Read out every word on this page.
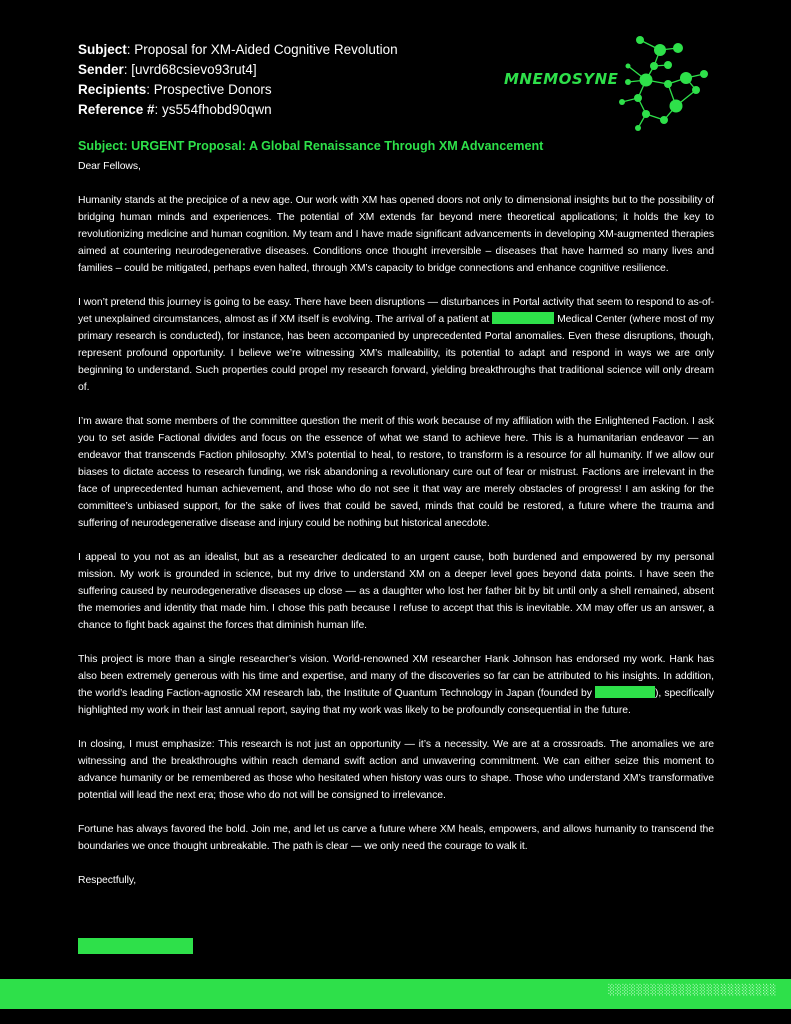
Subject: Proposal for XM-Aided Cognitive Revolution
Sender: [uvrd68csievo93rut4]
Recipients: Prospective Donors
Reference #: ys554fhobd90qwn
MNEMOSYNE

Subject: URGENT Proposal: A Global Renaissance Through XM Advancement

Dear Fellows,

Humanity stands at the precipice of a new age. Our work with XM has opened doors not only to dimensional insights but to the possibility of bridging human minds and experiences. The potential of XM extends far beyond mere theoretical applications; it holds the key to revolutionizing medicine and human cognition. My team and I have made significant advancements in developing XM-augmented therapies aimed at countering neurodegenerative diseases. Conditions once thought irreversible – diseases that have harmed so many lives and families – could be mitigated, perhaps even halted, through XM’s capacity to bridge connections and enhance cognitive resilience.

I won’t pretend this journey is going to be easy. There have been disruptions — disturbances in Portal activity that seem to respond to as-of-yet unexplained circumstances, almost as if XM itself is evolving. The arrival of a patient at	Medical Center (where most of my primary research is conducted), for instance, has been accompanied by unprecedented Portal anomalies. Even these disruptions, though, represent profound opportunity. I believe we’re witnessing XM’s malleability, its potential to adapt and respond in ways we are only beginning to understand. Such properties could propel my research forward, yielding breakthroughs that traditional science will only dream of.

I’m aware that some members of the committee question the merit of this work because of my affiliation with the Enlightened Faction. I ask you to set aside Factional divides and focus on the essence of what we stand to achieve here. This is a humanitarian endeavor — an endeavor that transcends Faction philosophy. XM’s potential to heal, to restore, to transform is a resource for all humanity. If we allow our biases to dictate access to research funding, we risk abandoning a revolutionary cure out of fear or mistrust. Factions are irrelevant in the face of unprecedented human achievement, and those who do not see it that way are merely obstacles of progress! I am asking for the committee’s unbiased support, for the sake of lives that could be saved, minds that could be restored, a future where the trauma and suffering of neurodegenerative disease and injury could be nothing but historical anecdote.

I appeal to you not as an idealist, but as a researcher dedicated to an urgent cause, both burdened and empowered by my personal mission. My work is grounded in science, but my drive to understand XM on a deeper level goes beyond data points. I have seen the suffering caused by neurodegenerative diseases up close — as a daughter who lost her father bit by bit until only a shell remained, absent the memories and identity that made him. I chose this path because I refuse to accept that this is inevitable. XM may offer us an answer, a chance to fight back against the forces that diminish human life.

This project is more than a single researcher’s vision. World-renowned XM researcher Hank Johnson has endorsed my work. Hank has also been extremely generous with his time and expertise, and many of the discoveries so far can be attributed to his insights. In addition, the world’s leading Faction-agnostic XM research lab, the Institute of Quantum Technology in Japan (founded by	), specifically highlighted my work in their last annual report, saying that my work was likely to be profoundly consequential in the future.

In closing, I must emphasize: This research is not just an opportunity — it’s a necessity. We are at a crossroads. The anomalies we are witnessing and the breakthroughs within reach demand swift action and unwavering commitment. We can either seize this moment to advance humanity or be remembered as those who hesitated when history was ours to shape. Those who understand XM’s transformative potential will lead the next era; those who do not will be consigned to irrelevance.

Fortune has always favored the bold. Join me, and let us carve a future where XM heals, empowers, and allows humanity to transcend the boundaries we once thought unbreakable. The path is clear — we only need the courage to walk it.

Respectfully,

░░░░░░░░░░░░░░░░░░░░░░░░
